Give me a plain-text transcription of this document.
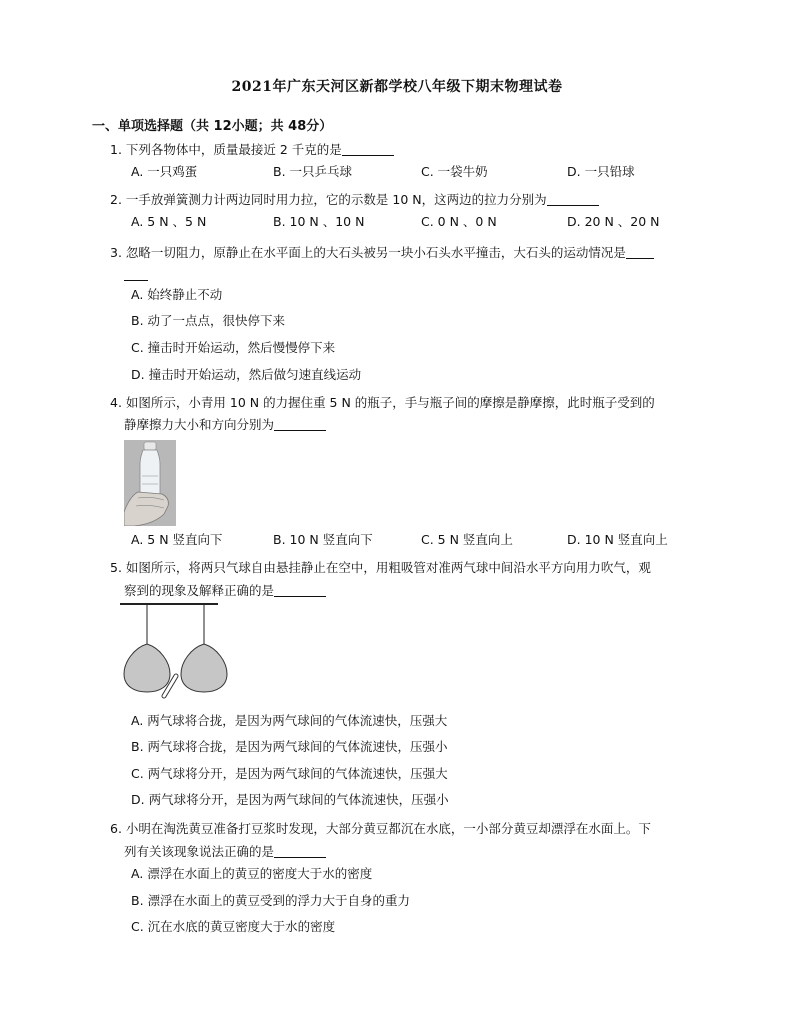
2021年广东天河区新都学校八年级下期末物理试卷
一、单项选择题（共 12小题；共 48分）
1. 下列各物体中，质量最接近 2 千克的是
A. 一只鸡蛋	B. 一只乒乓球	C. 一袋牛奶	D. 一只铅球
2. 一手放弹簧测力计两边同时用力拉，它的示数是 10 N，这两边的拉力分别为
A. 5 N 、5 N	B. 10 N 、10 N	C. 0 N 、0 N	D. 20 N 、20 N
3. 忽略一切阻力，原静止在水平面上的大石头被另一块小石头水平撞击，大石头的运动情况是
A. 始终静止不动
B. 动了一点点，很快停下来
C. 撞击时开始运动，然后慢慢停下来
D. 撞击时开始运动，然后做匀速直线运动
4. 如图所示，小青用 10 N 的力握住重 5 N 的瓶子，手与瓶子间的摩擦是静摩擦，此时瓶子受到的
静摩擦力大小和方向分别为
A. 5 N 竖直向下	B. 10 N 竖直向下	C. 5 N 竖直向上	D. 10 N 竖直向上
5. 如图所示，将两只气球自由悬挂静止在空中，用粗吸管对准两气球中间沿水平方向用力吹气，观
察到的现象及解释正确的是
A. 两气球将合拢，是因为两气球间的气体流速快，压强大
B. 两气球将合拢，是因为两气球间的气体流速快，压强小
C. 两气球将分开，是因为两气球间的气体流速快，压强大
D. 两气球将分开，是因为两气球间的气体流速快，压强小
6. 小明在淘洗黄豆准备打豆浆时发现，大部分黄豆都沉在水底，一小部分黄豆却漂浮在水面上。下
列有关该现象说法正确的是
A. 漂浮在水面上的黄豆的密度大于水的密度
B. 漂浮在水面上的黄豆受到的浮力大于自身的重力
C. 沉在水底的黄豆密度大于水的密度
